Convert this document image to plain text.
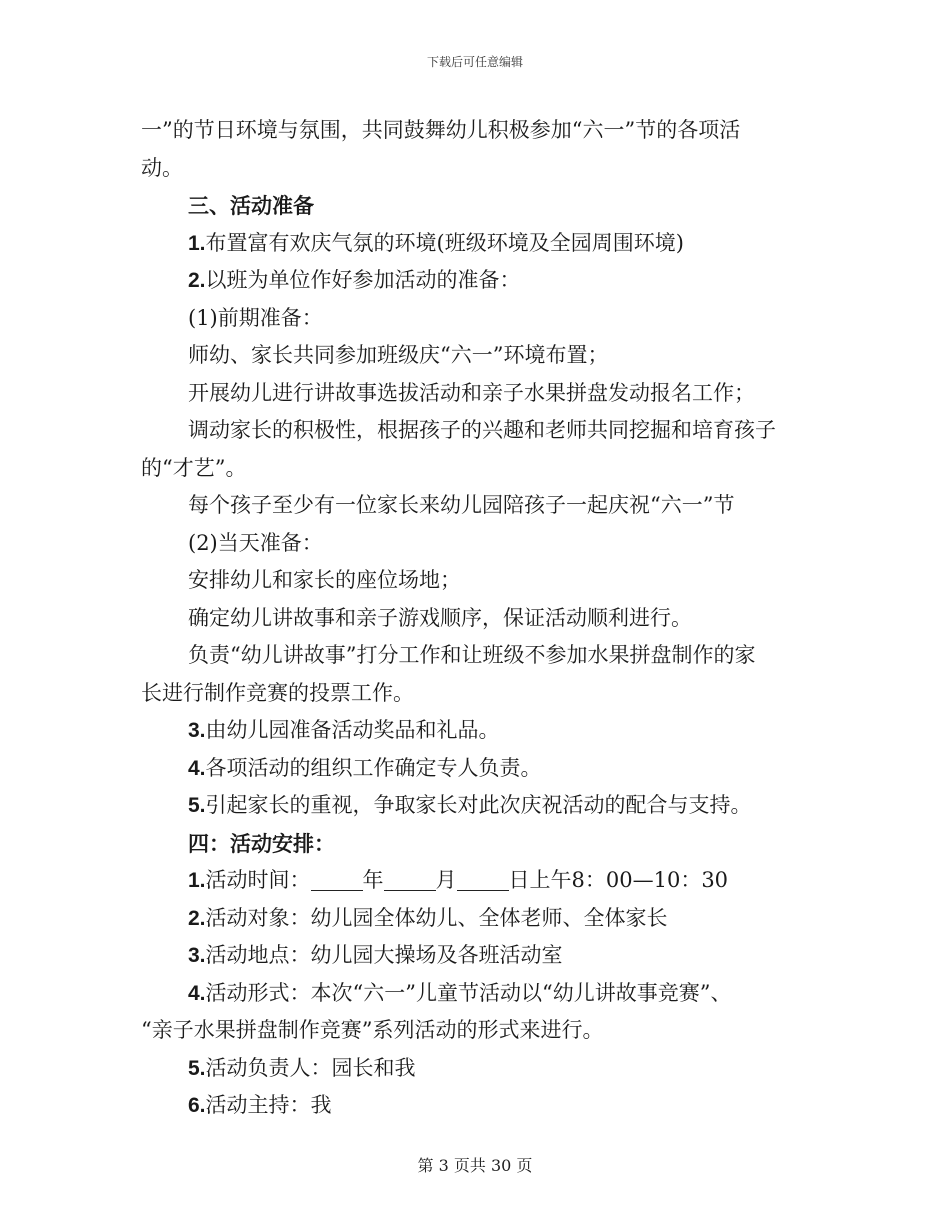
下载后可任意编辑
一”的节日环境与氛围，共同鼓舞幼儿积极参加“六一”节的各项活
动。
三、活动准备
1.布置富有欢庆气氛的环境(班级环境及全园周围环境)
2.以班为单位作好参加活动的准备：
(1)前期准备：
师幼、家长共同参加班级庆“六一”环境布置；
开展幼儿进行讲故事选拔活动和亲子水果拼盘发动报名工作；
调动家长的积极性，根据孩子的兴趣和老师共同挖掘和培育孩子
的“才艺”。
每个孩子至少有一位家长来幼儿园陪孩子一起庆祝“六一”节
(2)当天准备：
安排幼儿和家长的座位场地；
确定幼儿讲故事和亲子游戏顺序，保证活动顺利进行。
负责“幼儿讲故事”打分工作和让班级不参加水果拼盘制作的家
长进行制作竞赛的投票工作。
3.由幼儿园准备活动奖品和礼品。
4.各项活动的组织工作确定专人负责。
5.引起家长的重视，争取家长对此次庆祝活动的配合与支持。
四：活动安排：
1.活动时间： 年 月 日上午8：00—10：30
2.活动对象：幼儿园全体幼儿、全体老师、全体家长
3.活动地点：幼儿园大操场及各班活动室
4.活动形式：本次“六一”儿童节活动以“幼儿讲故事竞赛”、
“亲子水果拼盘制作竞赛”系列活动的形式来进行。
5.活动负责人：园长和我
6.活动主持：我
第 3 页共 30 页
